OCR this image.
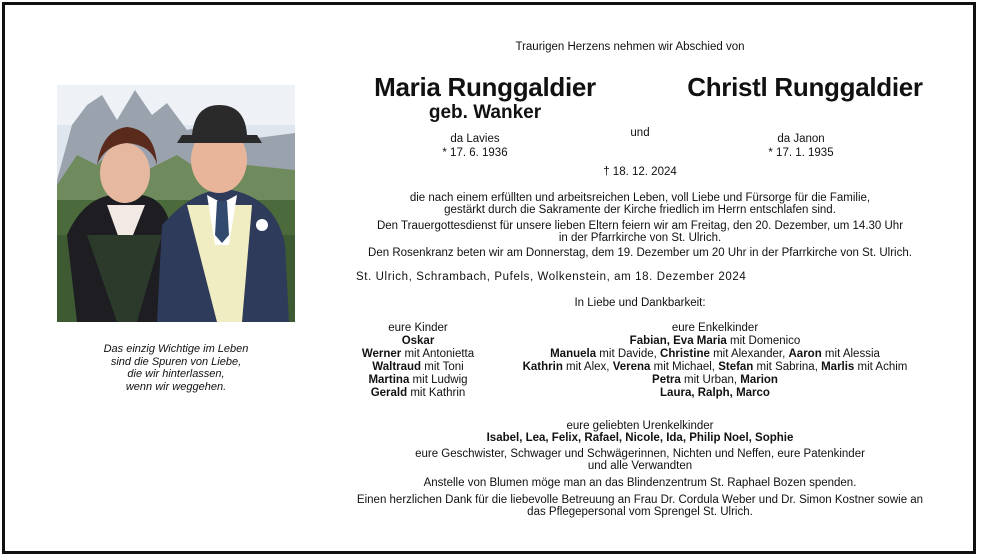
Das einzig Wichtige im Leben
sind die Spuren von Liebe,
die wir hinterlassen,
wenn wir weggehen.
Traurigen Herzens nehmen wir Abschied von
Maria Runggaldier	Christl Runggaldier
geb. Wanker
und
da Lavies
* 17. 6. 1936
da Janon
* 17. 1. 1935
† 18. 12. 2024
die nach einem erfüllten und arbeitsreichen Leben, voll Liebe und Fürsorge für die Familie,
gestärkt durch die Sakramente der Kirche friedlich im Herrn entschlafen sind.
Den Trauergottesdienst für unsere lieben Eltern feiern wir am Freitag, den 20. Dezember, um 14.30 Uhr
in der Pfarrkirche von St. Ulrich.
Den Rosenkranz beten wir am Donnerstag, dem 19. Dezember um 20 Uhr in der Pfarrkirche von St. Ulrich.
St. Ulrich, Schrambach, Pufels, Wolkenstein, am 18. Dezember 2024
In Liebe und Dankbarkeit:
eure Kinder
Oskar
Werner mit Antonietta
Waltraud mit Toni
Martina mit Ludwig
Gerald mit Kathrin
eure Enkelkinder
Fabian, Eva Maria mit Domenico
Manuela mit Davide, Christine mit Alexander, Aaron mit Alessia
Kathrin mit Alex, Verena mit Michael, Stefan mit Sabrina, Marlis mit Achim
Petra mit Urban, Marion
Laura, Ralph, Marco
eure geliebten Urenkelkinder
Isabel, Lea, Felix, Rafael, Nicole, Ida, Philip Noel, Sophie
eure Geschwister, Schwager und Schwägerinnen, Nichten und Neffen, eure Patenkinder
und alle Verwandten
Anstelle von Blumen möge man an das Blindenzentrum St. Raphael Bozen spenden.
Einen herzlichen Dank für die liebevolle Betreuung an Frau Dr. Cordula Weber und Dr. Simon Kostner sowie an
das Pflegepersonal vom Sprengel St. Ulrich.
